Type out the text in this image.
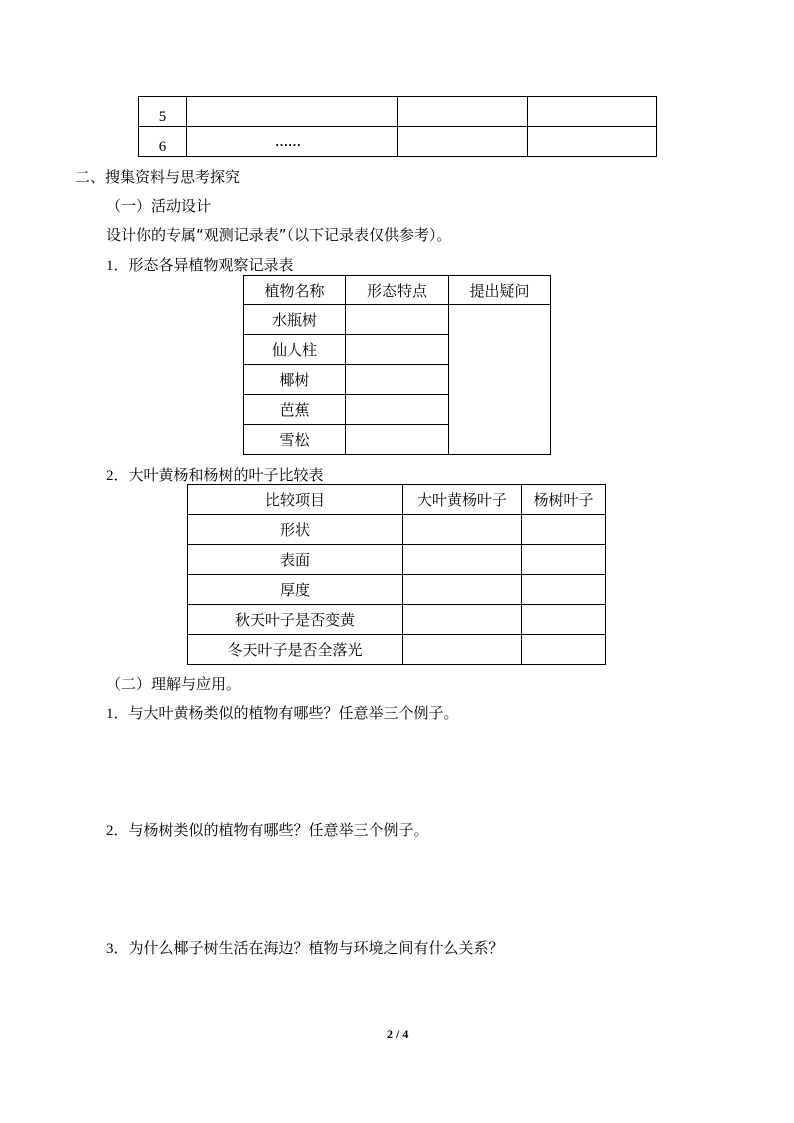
5			
6	……		
二、搜集资料与思考探究
（一）活动设计
设计你的专属“观测记录表”（以下记录表仅供参考）。
1．形态各异植物观察记录表
植物名称	形态特点	提出疑问
水瓶树		
仙人柱		
椰树		
芭蕉		
雪松		
2．大叶黄杨和杨树的叶子比较表
比较项目	大叶黄杨叶子	杨树叶子
形状		
表面		
厚度		
秋天叶子是否变黄		
冬天叶子是否全落光		
（二）理解与应用。
1．与大叶黄杨类似的植物有哪些？任意举三个例子。
2．与杨树类似的植物有哪些？任意举三个例子。
3．为什么椰子树生活在海边？植物与环境之间有什么关系？
2 / 4
